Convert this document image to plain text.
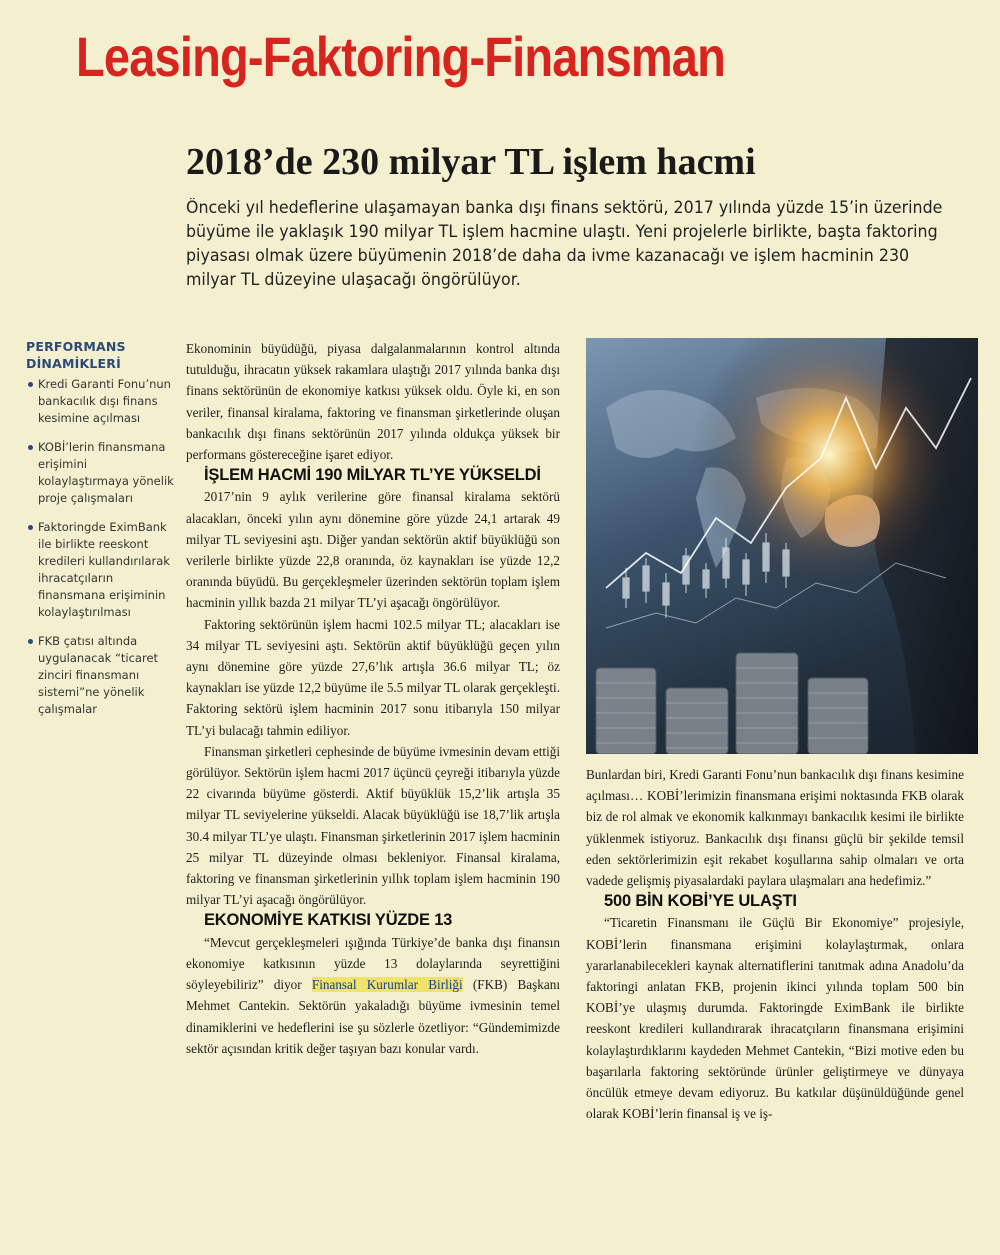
Leasing-Faktoring-Finansman
2018’de 230 milyar TL işlem hacmi
Önceki yıl hedeflerine ulaşamayan banka dışı finans sektörü, 2017 yılında yüzde 15’in üzerinde büyüme ile yaklaşık 190 milyar TL işlem hacmine ulaştı. Yeni projelerle birlikte, başta faktoring piyasası olmak üzere büyümenin 2018’de daha da ivme kazanacağı ve işlem hacminin 230 milyar TL düzeyine ulaşacağı öngörülüyor.
PERFORMANS
DİNAMİKLERİ
Kredi Garanti Fonu’nun bankacılık dışı finans kesimine açılması
KOBİ’lerin finansmana erişimini kolaylaştırmaya yönelik proje çalışmaları
Faktoringde EximBank ile birlikte reeskont kredileri kullandırılarak ihracatçıların finansmana erişiminin kolaylaştırılması
FKB çatısı altında uygulanacak “ticaret zinciri finansmanı sistemi”ne yönelik çalışmalar

Ekonominin büyüdüğü, piyasa dalgalanmalarının kontrol altında tutulduğu, ihracatın yüksek rakamlara ulaştığı 2017 yılında banka dışı finans sektörünün de ekonomiye katkısı yüksek oldu. Öyle ki, en son veriler, finansal kiralama, faktoring ve finansman şirketlerinde oluşan bankacılık dışı finans sektörünün 2017 yılında oldukça yüksek bir performans göstereceğine işaret ediyor.

İŞLEM HACMİ 190 MİLYAR TL’YE YÜKSELDİ

2017’nin 9 aylık verilerine göre finansal kiralama sektörü alacakları, önceki yılın aynı dönemine göre yüzde 24,1 artarak 49 milyar TL seviyesini aştı. Diğer yandan sektörün aktif büyüklüğü son verilerle birlikte yüzde 22,8 oranında, öz kaynakları ise yüzde 12,2 oranında büyüdü. Bu gerçekleşmeler üzerinden sektörün toplam işlem hacminin yıllık bazda 21 milyar TL’yi aşacağı öngörülüyor.

Faktoring sektörünün işlem hacmi 102.5 milyar TL; alacakları ise 34 milyar TL seviyesini aştı. Sektörün aktif büyüklüğü geçen yılın aynı dönemine göre yüzde 27,6’lık artışla 36.6 milyar TL; öz kaynakları ise yüzde 12,2 büyüme ile 5.5 milyar TL olarak gerçekleşti. Faktoring sektörü işlem hacminin 2017 sonu itibarıyla 150 milyar TL’yi bulacağı tahmin ediliyor.

Finansman şirketleri cephesinde de büyüme ivmesinin devam ettiği görülüyor. Sektörün işlem hacmi 2017 üçüncü çeyreği itibarıyla yüzde 22 civarında büyüme gösterdi. Aktif büyüklük 15,2’lik artışla 35 milyar TL seviyelerine yükseldi. Alacak büyüklüğü ise 18,7’lik artışla 30.4 milyar TL’ye ulaştı. Finansman şirketlerinin 2017 işlem hacminin 25 milyar TL düzeyinde olması bekleniyor. Finansal kiralama, faktoring ve finansman şirketlerinin yıllık toplam işlem hacminin 190 milyar TL’yi aşacağı öngörülüyor.

EKONOMİYE KATKISI YÜZDE 13

“Mevcut gerçekleşmeleri ışığında Türkiye’de banka dışı finansın ekonomiye katkısının yüzde 13 dolaylarında seyrettiğini söyleyebiliriz” diyor Finansal Kurumlar Birliği (FKB) Başkanı Mehmet Cantekin. Sektörün yakaladığı büyüme ivmesinin temel dinamiklerini ve hedeflerini ise şu sözlerle özetliyor: “Gündemimizde sektör açısından kritik değer taşıyan bazı konular vardı.

Bunlardan biri, Kredi Garanti Fonu’nun bankacılık dışı finans kesimine açılması… KOBİ’lerimizin finansmana erişimi noktasında FKB olarak biz de rol almak ve ekonomik kalkınmayı bankacılık kesimi ile birlikte yüklenmek istiyoruz. Bankacılık dışı finansı güçlü bir şekilde temsil eden sektörlerimizin eşit rekabet koşullarına sahip olmaları ve orta vadede gelişmiş piyasalardaki paylara ulaşmaları ana hedefimiz.”

500 BİN KOBİ’YE ULAŞTI

“Ticaretin Finansmanı ile Güçlü Bir Ekonomiye” projesiyle, KOBİ’lerin finansmana erişimini kolaylaştırmak, onlara yararlanabilecekleri kaynak alternatiflerini tanıtmak adına Anadolu’da faktoringi anlatan FKB, projenin ikinci yılında toplam 500 bin KOBİ’ye ulaşmış durumda. Faktoringde EximBank ile birlikte reeskont kredileri kullandırarak ihracatçıların finansmana erişimini kolaylaştırdıklarını kaydeden Mehmet Cantekin, “Bizi motive eden bu başarılarla faktoring sektöründe ürünler geliştirmeye ve dünyaya öncülük etmeye devam ediyoruz. Bu katkılar düşünüldüğünde genel olarak KOBİ’lerin finansal iş ve iş-
